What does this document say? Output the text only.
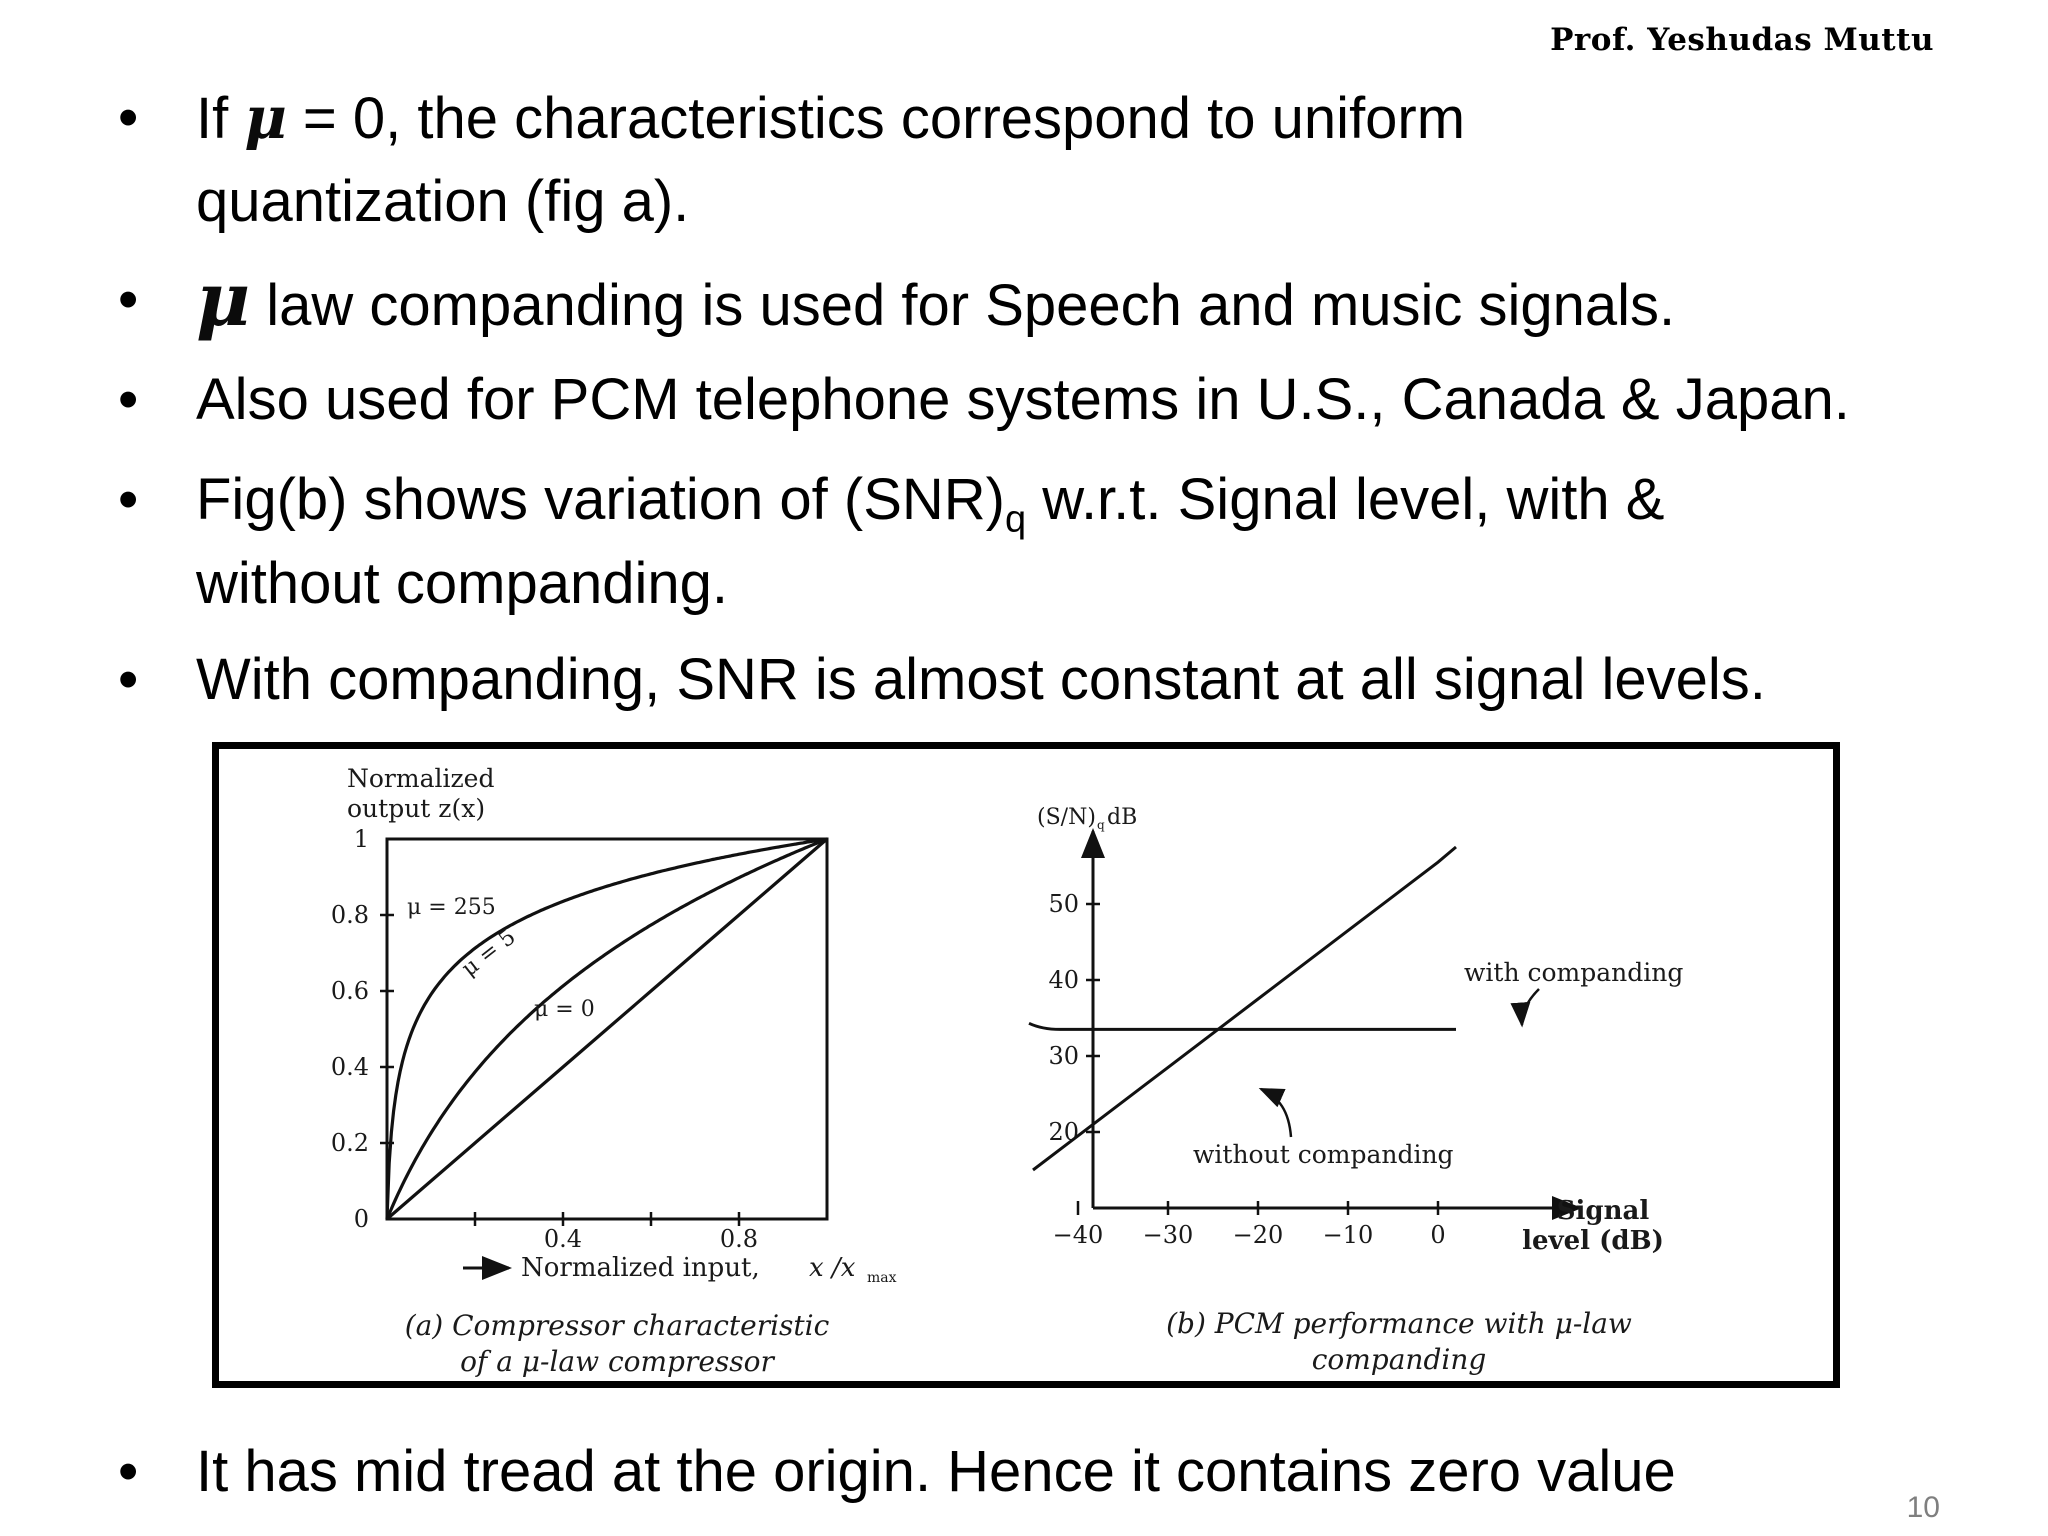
Prof. Yeshudas Muttu
• If μ = 0, the characteristics correspond to uniform
quantization (fig a).
• μ law companding is used for Speech and music signals.
• Also used for PCM telephone systems in U.S., Canada & Japan.
• Fig(b) shows variation of $(SNR)_q$ w.r.t. Signal level, with &
without companding.
• With companding, SNR is almost constant at all signal levels.
• It has mid tread at the origin. Hence it contains zero value
Normalized
output z(x)
0
0.2
0.4
0.6
0.8
1
0.4	0.8
μ = 255
μ = 5
μ = 0
Normalized input, x /x max
(a) Compressor characteristic
of a μ-law compressor
(S/N) q dB
20
30
40
50
−40 −30 −20 −10 0
Signal
level (dB)
with companding
without companding
(b) PCM performance with μ-law
companding
10
